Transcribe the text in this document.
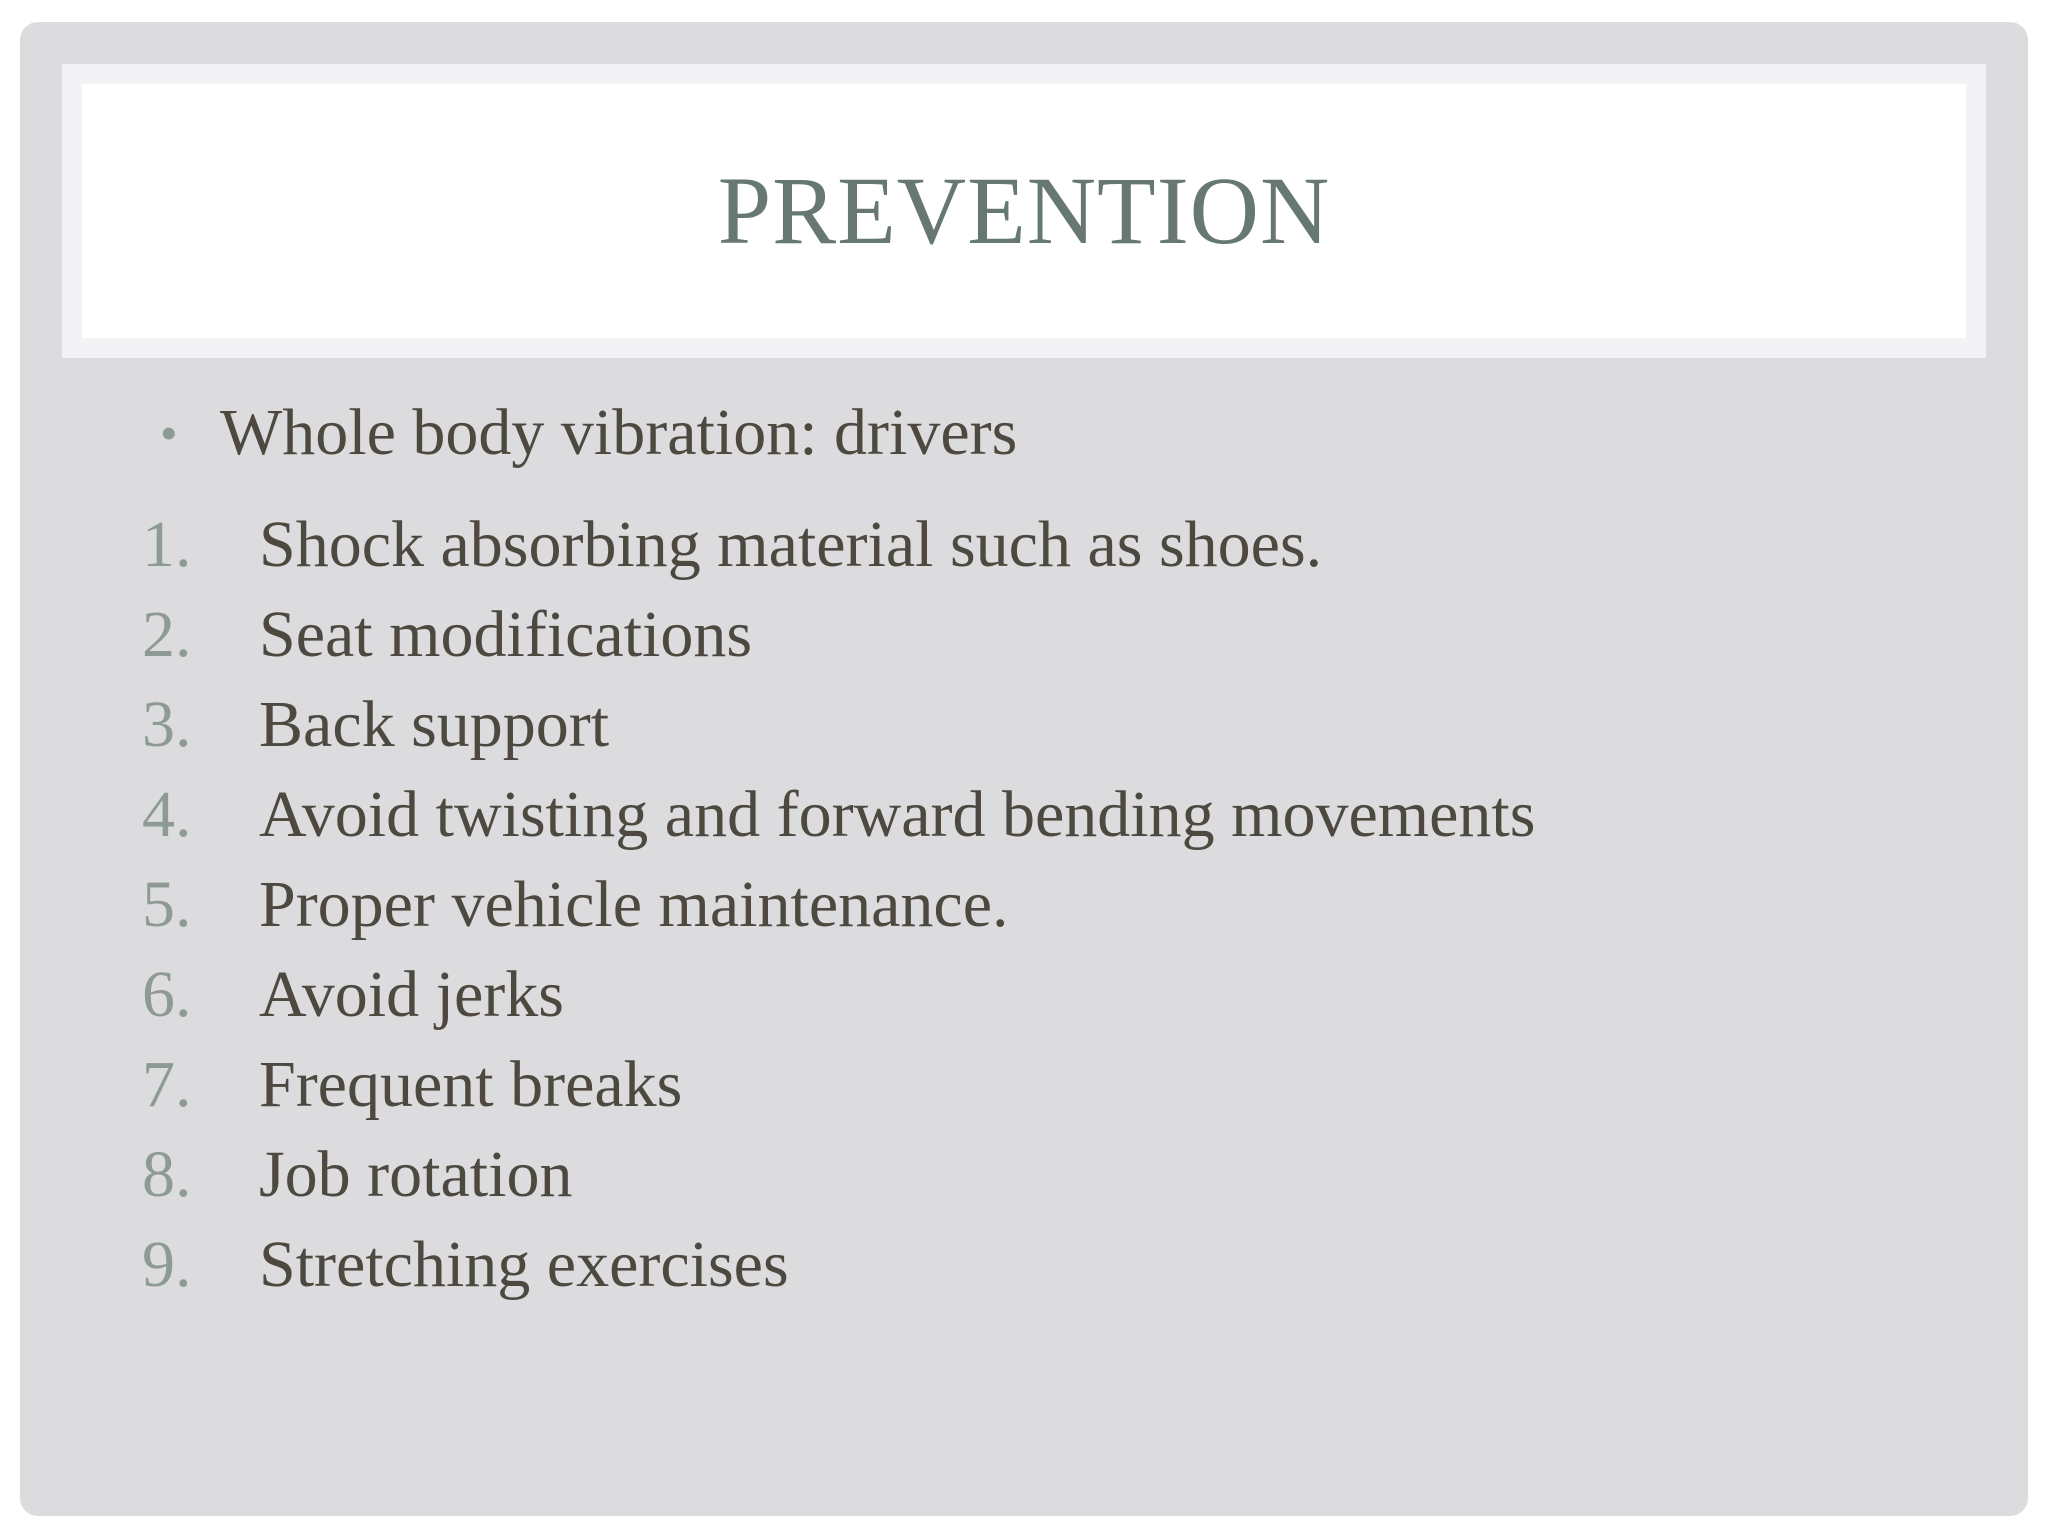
PREVENTION
• Whole body vibration: drivers
1. Shock absorbing material such as shoes.
2. Seat modifications
3. Back support
4. Avoid twisting and forward bending movements
5. Proper vehicle maintenance.
6. Avoid jerks
7. Frequent breaks
8. Job rotation
9. Stretching exercises
